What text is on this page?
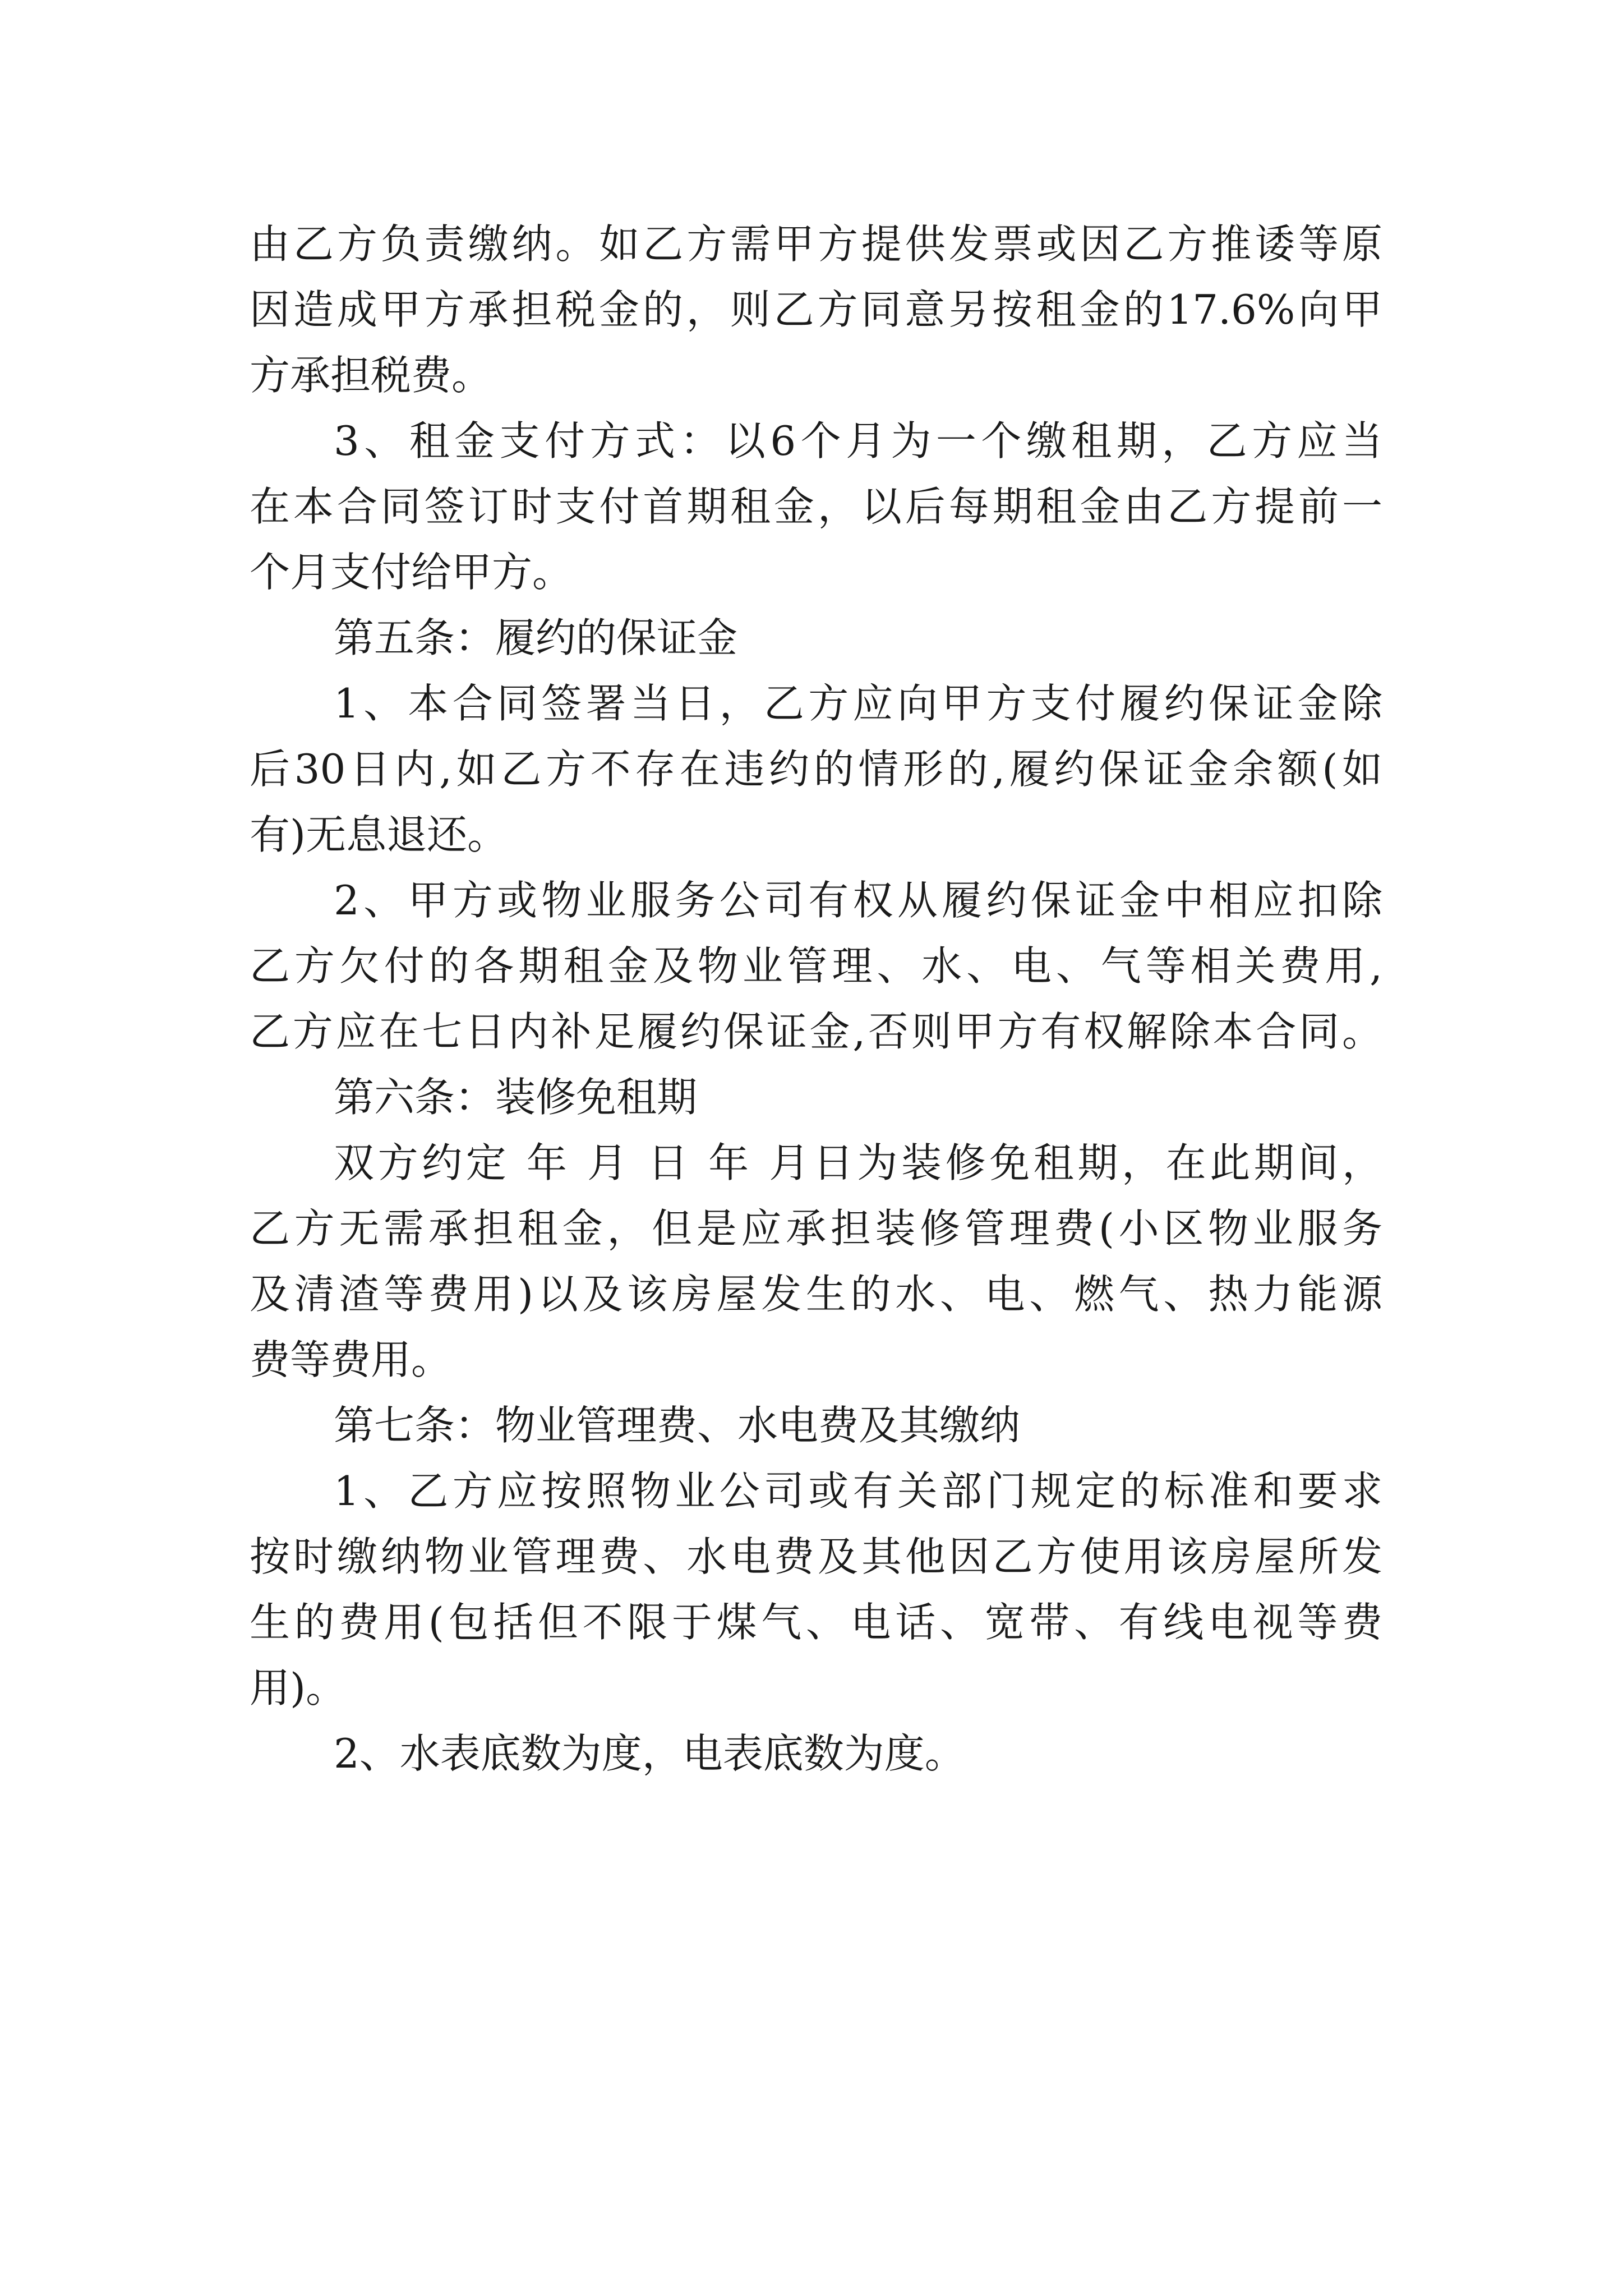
由乙方负责缴纳。如乙方需甲方提供发票或因乙方推诿等原
因造成甲方承担税金的，则乙方同意另按租金的17.6%向甲
方承担税费。
3、租金支付方式：以6个月为一个缴租期，乙方应当
在本合同签订时支付首期租金，以后每期租金由乙方提前一
个月支付给甲方。
第五条：履约的保证金
1、本合同签署当日，乙方应向甲方支付履约保证金除
后30日内,如乙方不存在违约的情形的,履约保证金余额(如
有)无息退还。
2、甲方或物业服务公司有权从履约保证金中相应扣除
乙方欠付的各期租金及物业管理、水、电、气等相关费用,
乙方应在七日内补足履约保证金,否则甲方有权解除本合同。
第六条：装修免租期
双方约定 年 月 日 年 月日为装修免租期，在此期间，
乙方无需承担租金，但是应承担装修管理费(小区物业服务
及清渣等费用)以及该房屋发生的水、电、燃气、热力能源
费等费用。
第七条：物业管理费、水电费及其缴纳
1、乙方应按照物业公司或有关部门规定的标准和要求
按时缴纳物业管理费、水电费及其他因乙方使用该房屋所发
生的费用(包括但不限于煤气、电话、宽带、有线电视等费
用)。
2、水表底数为度，电表底数为度。
